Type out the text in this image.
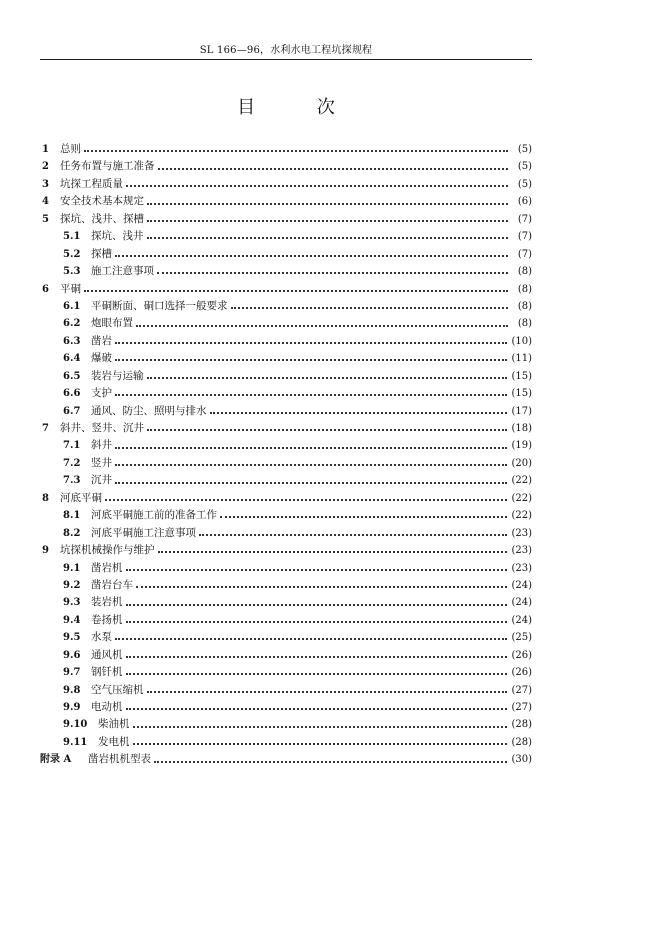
SL 166—96，水利水电工程坑探规程
目 次
1 总则	(5)
2 任务布置与施工准备	(5)
3 坑探工程质量	(5)
4 安全技术基本规定	(6)
5 探坑、浅井、探槽	(7)
5.1	探坑、浅井	(7)
5.2	探槽	(7)
5.3	施工注意事项	(8)
6 平硐	(8)
6.1	平硐断面、硐口选择一般要求	(8)
6.2	炮眼布置	(8)
6.3	凿岩	(10)
6.4	爆破	(11)
6.5	装岩与运输	(15)
6.6	支护	(15)
6.7	通风、防尘、照明与排水	(17)
7 斜井、竖井、沉井	(18)
7.1	斜井	(19)
7.2	竖井	(20)
7.3	沉井	(22)
8 河底平硐	(22)
8.1	河底平硐施工前的准备工作	(22)
8.2	河底平硐施工注意事项	(23)
9 坑探机械操作与维护	(23)
9.1	凿岩机	(23)
9.2	凿岩台车	(24)
9.3	装岩机	(24)
9.4	卷扬机	(24)
9.5	水泵	(25)
9.6	通风机	(26)
9.7	钢钎机	(26)
9.8	空气压缩机	(27)
9.9	电动机	(27)
9.10	柴油机	(28)
9.11	发电机	(28)
附录 A	凿岩机机型表	(30)
